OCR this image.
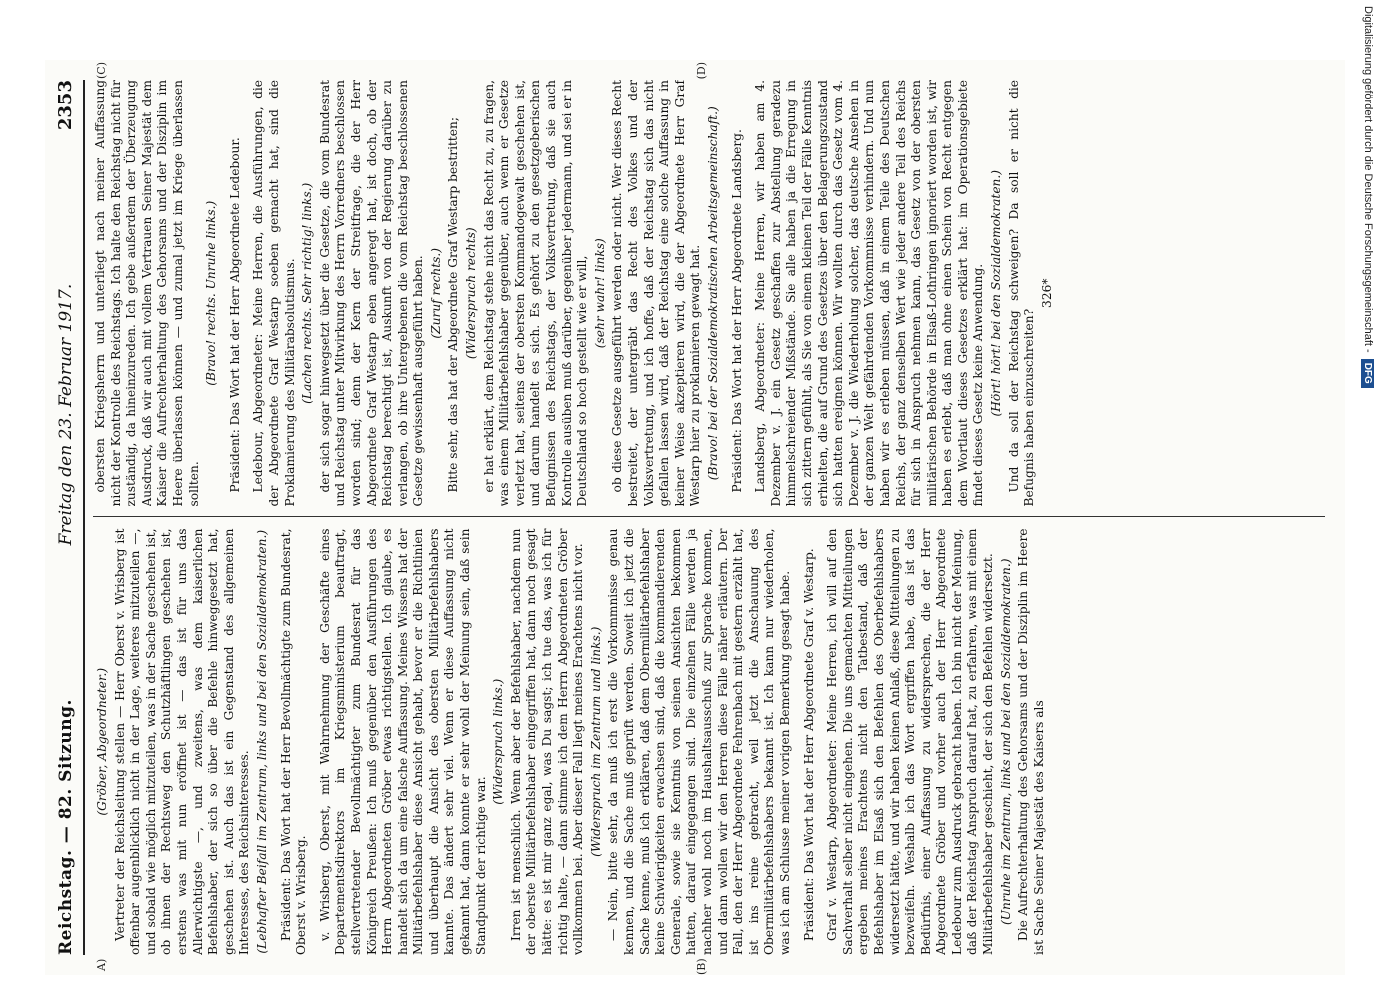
Reichstag. — 82. Sitzung.
Freitag den 23. Februar 1917.
2353
A)	(B)
(C)	(D)

(Gröber, Abgeordneter.) Vertreter der Reichsleitung stellen — Herr Oberst v. Wrisberg ist offenbar augenblicklich nicht in der Lage, weiteres mitzuteilen —, und sobald wie möglich mitzuteilen, was in der Sache geschehen ist, ob ihnen der Rechtsweg den Schutzhäftlingen geschehen ist, erstens was mit nun eröffnet ist — das ist für uns das Allerwichtigste —, und zweitens, was dem kaiserlichen Befehlshaber, der sich so über die Befehle hinweggesetzt hat, geschehen ist. Auch das ist ein Gegenstand des allgemeinen Interesses, des Reichsinteresses. (Lebhafter Beifall im Zentrum, links und bei den Sozialdemokraten.) Präsident: Das Wort hat der Herr Bevollmächtigte zum Bundesrat, Oberst v. Wrisberg. v. Wrisberg, Oberst, mit Wahrnehmung der Geschäfte eines Departementsdirektors im Kriegsministerium beauftragt, stellvertretender Bevollmächtigter zum Bundesrat für das Königreich Preußen: Ich muß gegenüber den Ausführungen des Herrn Abgeordneten Gröber etwas richtigstellen. Ich glaube, es handelt sich da um eine falsche Auffassung. Meines Wissens hat der Militärbefehlshaber diese Ansicht gehabt, bevor er die Richtlinien und überhaupt die Ansicht des obersten Militärbefehlshabers kannte. Das ändert sehr viel. Wenn er diese Auffassung nicht gekannt hat, dann konnte er sehr wohl der Meinung sein, daß sein Standpunkt der richtige war.

(Widerspruch links.) Irren ist menschlich. Wenn aber der Befehlshaber, nachdem nun der oberste Militärbefehlshaber eingegriffen hat, dann noch gesagt hätte: es ist mir ganz egal, was Du sagst; ich tue das, was ich für richtig halte, — dann stimme ich dem Herrn Abgeordneten Gröber vollkommen bei. Aber dieser Fall liegt meines Erachtens nicht vor. (Widerspruch im Zentrum und links.) — Nein, bitte sehr, da muß ich erst die Vorkommnisse genau kennen, und die Sache muß geprüft werden. Soweit ich jetzt die Sache kenne, muß ich erklären, daß dem Obermilitärbefehlshaber keine Schwierigkeiten erwachsen sind, daß die kommandierenden Generale, sowie sie Kenntnis von seinen Ansichten bekommen hatten, darauf eingegangen sind. Die einzelnen Fälle werden ja nachher wohl noch im Haushaltsausschuß zur Sprache kommen, und dann wollen wir den Herren diese Fälle näher erläutern. Der Fall, den der Herr Abgeordnete Fehrenbach mit gestern erzählt hat, ist ins reine gebracht, weil jetzt die Anschauung des Obermilitärbefehlshabers bekannt ist. Ich kann nur wiederholen, was ich am Schlusse meiner vorigen Bemerkung gesagt habe. Präsident: Das Wort hat der Herr Abgeordnete Graf v. Westarp. Graf v. Westarp, Abgeordneter: Meine Herren, ich will auf den Sachverhalt selber nicht eingehen. Die uns gemachten Mitteilungen ergeben meines Erachtens nicht den Tatbestand, daß der Befehlshaber im Elsaß sich den Befehlen des Oberbefehlshabers widersetzt hätte, und wir haben keinen Anlaß, diese Mitteilungen zu bezweifeln. Weshalb ich das Wort ergriffen habe, das ist das Bedürfnis, einer Auffassung zu widersprechen, die der Herr Abgeordnete Gröber und vorher auch der Herr Abgeordnete Ledebour zum Ausdruck gebracht haben. Ich bin nicht der Meinung, daß der Reichstag Anspruch darauf hat, zu erfahren, was mit einem Militärbefehlshaber geschieht, der sich den Befehlen widersetzt. (Unruhe im Zentrum, links und bei den Sozialdemokraten.) Die Aufrechterhaltung des Gehorsams und der Disziplin im Heere ist Sache Seiner Majestät des Kaisers als

obersten Kriegsherrn und unterliegt nach meiner Auffassung nicht der Kontrolle des Reichstags. Ich halte den Reichstag nicht für zuständig, da hineinzureden. Ich gebe außerdem der Überzeugung Ausdruck, daß wir auch mit vollem Vertrauen Seiner Majestät dem Kaiser die Aufrechterhaltung des Gehorsams und der Disziplin im Heere überlassen können — und zumal jetzt im Kriege überlassen sollten.

(Bravo! rechts. Unruhe links.) Präsident: Das Wort hat der Herr Abgeordnete Ledebour. Ledebour, Abgeordneter: Meine Herren, die Ausführungen, die der Abgeordnete Graf Westarp soeben gemacht hat, sind die Proklamierung des Militärabsolutismus. (Lachen rechts. Sehr richtig! links.) der sich sogar hinwegsetzt über die Gesetze, die vom Bundesrat und Reichstag unter Mitwirkung des Herrn Vorredners beschlossen worden sind; denn der Kern der Streitfrage, die der Herr Abgeordnete Graf Westarp eben angeregt hat, ist doch, ob der Reichstag berechtigt ist, Auskunft von der Regierung darüber zu verlangen, ob ihre Untergebenen die vom Reichstag beschlossenen Gesetze gewissenhaft ausgeführt haben. (Zuruf rechts.) Bitte sehr, das hat der Abgeordnete Graf Westarp bestritten; (Widerspruch rechts) er hat erklärt, dem Reichstag stehe nicht das Recht zu, zu fragen, was einem Militärbefehlshaber gegenüber, auch wenn er Gesetze verletzt hat, seitens der obersten Kommandogewalt geschehen ist, und darum handelt es sich. Es gehört zu den gesetzgeberischen Befugnissen des Reichstags, der Volksvertretung, daß sie auch Kontrolle ausüben muß darüber, gegenüber jedermann, und sei er in Deutschland so hoch gestellt wie er will, (sehr wahr! links) ob diese Gesetze ausgeführt werden oder nicht. Wer dieses Recht bestreitet, der untergräbt das Recht des Volkes und der Volksvertretung, und ich hoffe, daß der Reichstag sich das nicht gefallen lassen wird, daß der Reichstag eine solche Auffassung in keiner Weise akzeptieren wird, die der Abgeordnete Herr Graf Westarp hier zu proklamieren gewagt hat. (Bravo! bei der Sozialdemokratischen Arbeitsgemeinschaft.) Präsident: Das Wort hat der Herr Abgeordnete Landsberg. Landsberg, Abgeordneter: Meine Herren, wir haben am 4. Dezember v. J. ein Gesetz geschaffen zur Abstellung geradezu himmelschreiender Mißstände. Sie alle haben ja die Erregung in sich zittern gefühlt, als Sie von einem kleinen Teil der Fälle Kenntnis erhielten, die auf Grund des Gesetzes über den Belagerungszustand sich hatten ereignen können. Wir wollten durch das Gesetz vom 4. Dezember v. J. die Wiederholung solcher, das deutsche Ansehen in der ganzen Welt gefährdenden Vorkommnisse verhindern. Und nun haben wir es erleben müssen, daß in einem Teile des Deutschen Reichs, der ganz denselben Wert wie jeder andere Teil des Reichs für sich in Anspruch nehmen kann, das Gesetz von der obersten militärischen Behörde in Elsaß-Lothringen ignoriert worden ist, wir haben es erlebt, daß man ohne einen Schein von Recht entgegen dem Wortlaut dieses Gesetzes erklärt hat: im Operationsgebiete findet dieses Gesetz keine Anwendung. (Hört! hört! bei den Sozialdemokraten.) Und da soll der Reichstag schweigen? Da soll er nicht die Befugnis haben einzuschreiten?

326*	Digitalisierung gefördert durch die Deutsche Forschungsgemeinschaft -
DFG
